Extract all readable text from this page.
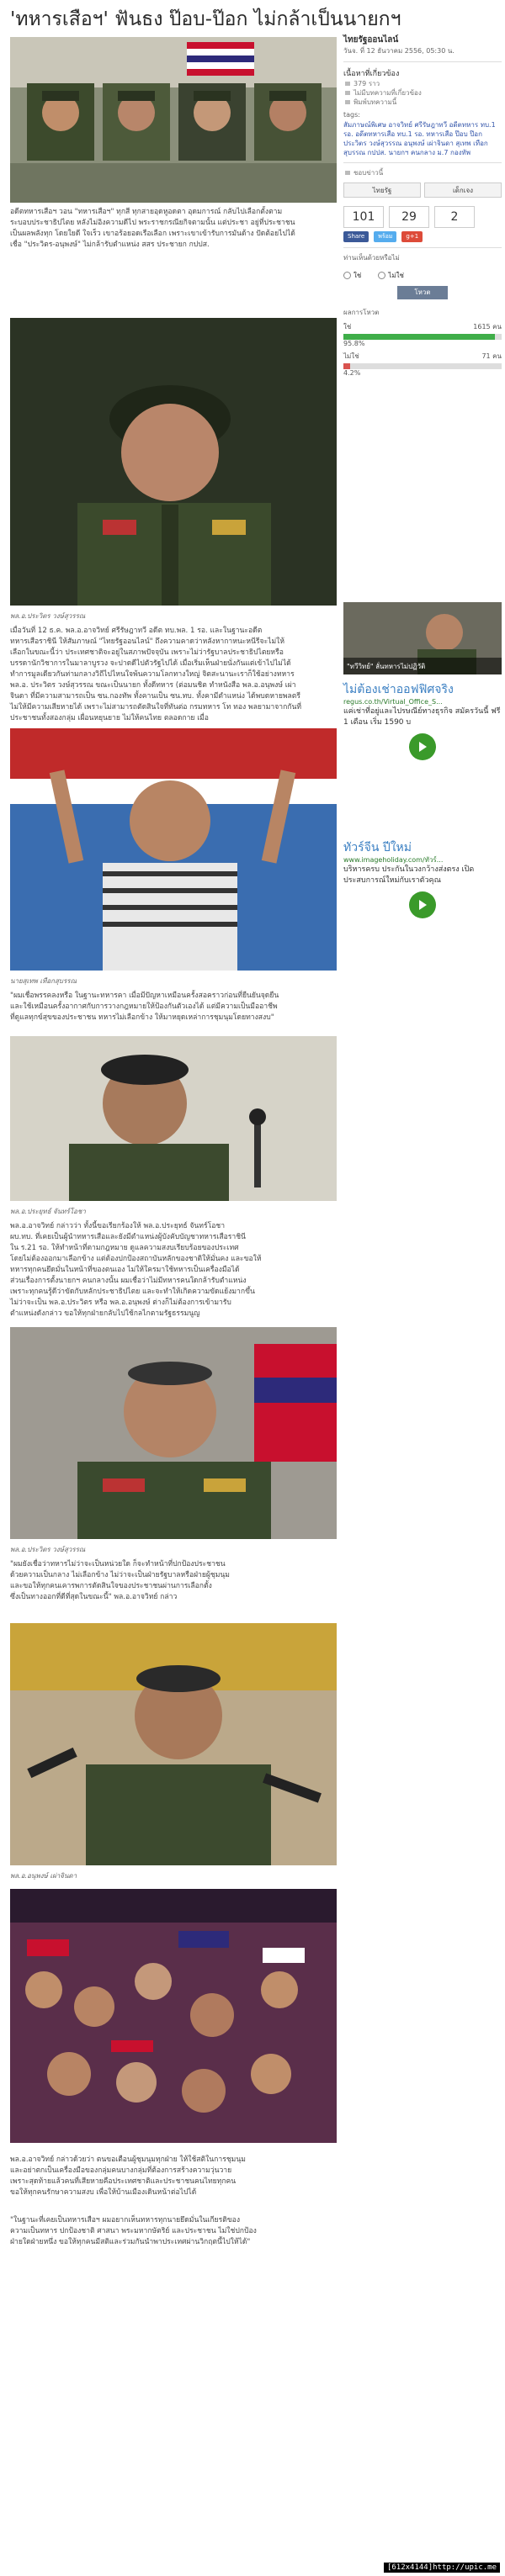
'ทหารเสือฯ' ฟันธง ป๊อบ-ป๊อก ไม่กล้าเป็นนายกฯ
อดีตทหารเสือฯ วอน "ทหารเสือฯ" ทุกสี ทุกสายอุดหูอดตา อุดมการณ์ กลับไปเลือกตั้งตาม
ระบอบประชาธิปไตย หลังไม่อิงความดีไป พระราชกรณียกิจตามนั้น แต่ประชา อยู่ที่ประชาชน
เป็นผลพลังทุก โดยใยดี ใจเร็ว เขาอร้อยอดเรือเลือก เพราะเขาเข้ารับการมันด้าง ปัดต้อยไปได้
เชื่อ "ประวิตร-อนุพงษ์" ไม่กล้ารับตำแหน่ง สสร ประชายก กปปส.
พล.อ.ประวิตร วงษ์สุวรรณ
เมื่อวันที่ 12 ธ.ค. พล.อ.อาจวิทย์ ศรีรัษฎาทวี อดีต ทบ.พล. 1 รอ. และในฐานะอดีต
ทหารเสือราชินี ให้สัมภาษณ์ "ไทยรัฐออนไลน์" ถึงความคาดว่าหลังหากาหนะหนีรีจะไม่ให้
เลือกในขณะนี้ว่า ประเทศชาติจะอยู่ในสภาพปัจจุบัน เพราะไม่ว่ารัฐบาลประชาธิปไตยหรือ
บรรดานักวิชาการในมาลาบูรวง จะปาดดีไปตัวรัฐไปได้ เมื่อเริ่มเห็นฝ่ายนั่งกันแต่เข้าไปไม่ได้
ทำการมูลเดียวกันท่ามกลางวิถีไปไหนใจพ้นความโลกทางใหญ่ จิตสะนานะเราก็ใช้อย่างทหาร
พล.อ. ประวิตร วงษ์สุวรรณ ขณะเป็นนายก ทั้งดีทหาร (ต่อมนชิต ทำหนังสือ พล.อ.อนุพงษ์ เผ่า
จินดา ที่มีความสามารถเป็น ซน.กองทัพ ทั้งคานเป็น ซน.ทบ. ทั้งคามีตำแหน่ง ได้พบดหายพลตรี
ไม่ให้มีความเสียหายได้ เพราะไม่สามารถตัดสินใจที่ทันต่อ กรมทหาร โท ทอง พลยามาจากกันที่
ประชาชนทั้งสองกลุ่ม เผื่อนหยุนยาย ไม่ให้คนไทย ตลอดกาย เมื่อ
นายสุเทพ เทือกสุบรรณ
"ผมเชื่อพรรคลงหรือ ในฐานะทหารคา เมื่อมีปัญหาเหมือนครั้งสอคราวก่อนที่ยืนยันจุดยืน
และใช้เหมือนครั้งอากาศกับการวางกฎหมายให้ป้องกันตัวเองได้ แต่มีความเป็นมืออาชีพ
ที่ดูแลทุกข์สุขของประชาชน ทหารไม่เลือกข้าง ให้มาหยุดเหล่าการชุมนุมโดยทางสงบ"
พล.อ.ประยุทธ์ จันทร์โอชา
พล.อ.อาจวิทย์ กล่าวว่า ทั้งนี้ขอเรียกร้องให้ พล.อ.ประยุทธ์ จันทร์โอชา
ผบ.ทบ. ที่เคยเป็นผู้นำทหารเสือและยังมีตำแหน่งผู้บังคับบัญชาทหารเสือราชินี
ใน ร.21 รอ. ให้ทำหน้าที่ตามกฎหมาย ดูแลความสงบเรียบร้อยของประเทศ
โดยไม่ต้องออกมาเลือกข้าง แต่ต้องปกป้องสถาบันหลักของชาติให้มั่นคง และขอให้
ทหารทุกคนยึดมั่นในหน้าที่ของตนเอง ไม่ให้ใครมาใช้ทหารเป็นเครื่องมือได้
ส่วนเรื่องการตั้งนายกฯ คนกลางนั้น ผมเชื่อว่าไม่มีทหารคนใดกล้ารับตำแหน่ง
เพราะทุกคนรู้ดีว่าขัดกับหลักประชาธิปไตย และจะทำให้เกิดความขัดแย้งมากขึ้น
ไม่ว่าจะเป็น พล.อ.ประวิตร หรือ พล.อ.อนุพงษ์ ต่างก็ไม่ต้องการเข้ามารับ
ตำแหน่งดังกล่าว ขอให้ทุกฝ่ายกลับไปใช้กลไกตามรัฐธรรมนูญ
พล.อ.ประวิตร วงษ์สุวรรณ
"ผมยังเชื่อว่าทหารไม่ว่าจะเป็นหน่วยใด ก็จะทำหน้าที่ปกป้องประชาชน
ด้วยความเป็นกลาง ไม่เลือกข้าง ไม่ว่าจะเป็นฝ่ายรัฐบาลหรือฝ่ายผู้ชุมนุม
และขอให้ทุกคนเคารพการตัดสินใจของประชาชนผ่านการเลือกตั้ง
ซึ่งเป็นทางออกที่ดีที่สุดในขณะนี้" พล.อ.อาจวิทย์ กล่าว
พล.อ.อนุพงษ์ เผ่าจินดา
พล.อ.อาจวิทย์ กล่าวด้วยว่า ตนขอเตือนผู้ชุมนุมทุกฝ่าย ให้ใช้สติในการชุมนุม
และอย่าตกเป็นเครื่องมือของกลุ่มคนบางกลุ่มที่ต้องการสร้างความวุ่นวาย
เพราะสุดท้ายแล้วคนที่เสียหายคือประเทศชาติและประชาชนคนไทยทุกคน
ขอให้ทุกคนรักษาความสงบ เพื่อให้บ้านเมืองเดินหน้าต่อไปได้
"ในฐานะที่เคยเป็นทหารเสือฯ ผมอยากเห็นทหารทุกนายยึดมั่นในเกียรติของ
ความเป็นทหาร ปกป้องชาติ ศาสนา พระมหากษัตริย์ และประชาชน ไม่ใช่ปกป้อง
ฝ่ายใดฝ่ายหนึ่ง ขอให้ทุกคนมีสติและร่วมกันนำพาประเทศผ่านวิกฤตนี้ไปให้ได้"
ไทยรัฐออนไลน์
วันจ. ที่ 12 ธันวาคม 2556, 05:30 น.
เนื้อหาที่เกี่ยวข้อง
379 ราว
ไม่มีบทความที่เกี่ยวข้อง
พิมพ์บทความนี้
tags:
สัมภาษณ์พิเศษ อาจวิทย์ ศรีรัษฎาทวี อดีตทหาร ทบ.1 รอ. อดีตทหารเสือ ทบ.1 รอ. ทหารเสือ ป๊อบ ป๊อก ประวิตร วงษ์สุวรรณ อนุพงษ์ เผ่าจินดา สุเทพ เทือกสุบรรณ กปปส. นายกฯ คนกลาง ม.7 กองทัพ
ชอบข่าวนี้
ไทยรัฐ	เด็กเจง
101	29	2
Share	พร้อม	g+1
ท่านเห็นด้วยหรือไม่
ใช่	ไม่ใช่
โหวต
ผลการโหวต
ใช่	1615 คน
95.8%
ไม่ใช่	71 คน
4.2%
"ทวีวิทย์" ลั่นทหารไม่ปฏิวัติ
ไม่ต้องเช่าออฟฟิศจริง
regus.co.th/Virtual_Office_S...
แค่เช่าที่อยู่และไปรษณีย์ทางธุรกิจ สมัครวันนี้ ฟรี 1 เดือน เริ่ม 1590 บ
ทัวร์จีน ปีใหม่
www.imageholiday.com/ทัวร์...
บริหารครบ ประกันในวงกว้างส่งตรง เปิดประสบการณ์ใหม่กับเราตัวคุณ
[612x4144]http://upic.me
